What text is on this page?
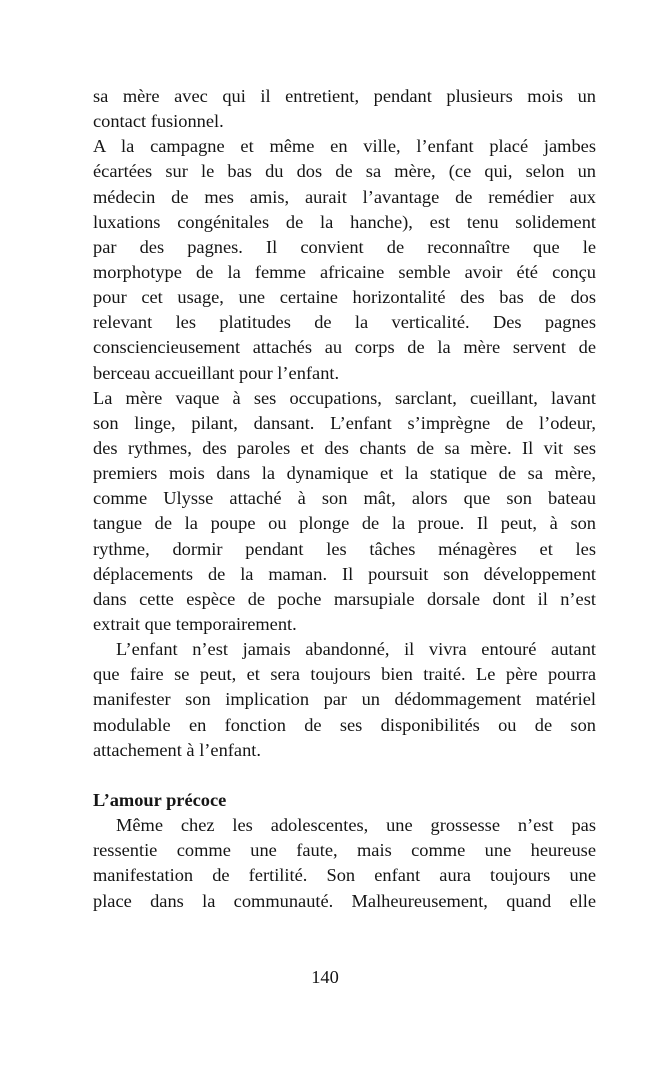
sa mère avec qui il entretient, pendant plusieurs mois un
contact fusionnel.
A la campagne et même en ville, l’enfant placé jambes
écartées sur le bas du dos de sa mère, (ce qui, selon un
médecin de mes amis, aurait l’avantage de remédier aux
luxations congénitales de la hanche), est tenu solidement
par des pagnes. Il convient de reconnaître que le
morphotype de la femme africaine semble avoir été conçu
pour cet usage, une certaine horizontalité des bas de dos
relevant les platitudes de la verticalité. Des pagnes
consciencieusement attachés au corps de la mère servent de
berceau accueillant pour l’enfant.
La mère vaque à ses occupations, sarclant, cueillant, lavant
son linge, pilant, dansant. L’enfant s’imprègne de l’odeur,
des rythmes, des paroles et des chants de sa mère. Il vit ses
premiers mois dans la dynamique et la statique de sa mère,
comme Ulysse attaché à son mât, alors que son bateau
tangue de la poupe ou plonge de la proue. Il peut, à son
rythme, dormir pendant les tâches ménagères et les
déplacements de la maman. Il poursuit son développement
dans cette espèce de poche marsupiale dorsale dont il n’est
extrait que temporairement.
L’enfant n’est jamais abandonné, il vivra entouré autant
que faire se peut, et sera toujours bien traité. Le père pourra
manifester son implication par un dédommagement matériel
modulable en fonction de ses disponibilités ou de son
attachement à l’enfant.
L’amour précoce
Même chez les adolescentes, une grossesse n’est pas
ressentie comme une faute, mais comme une heureuse
manifestation de fertilité. Son enfant aura toujours une
place dans la communauté. Malheureusement, quand elle
140
